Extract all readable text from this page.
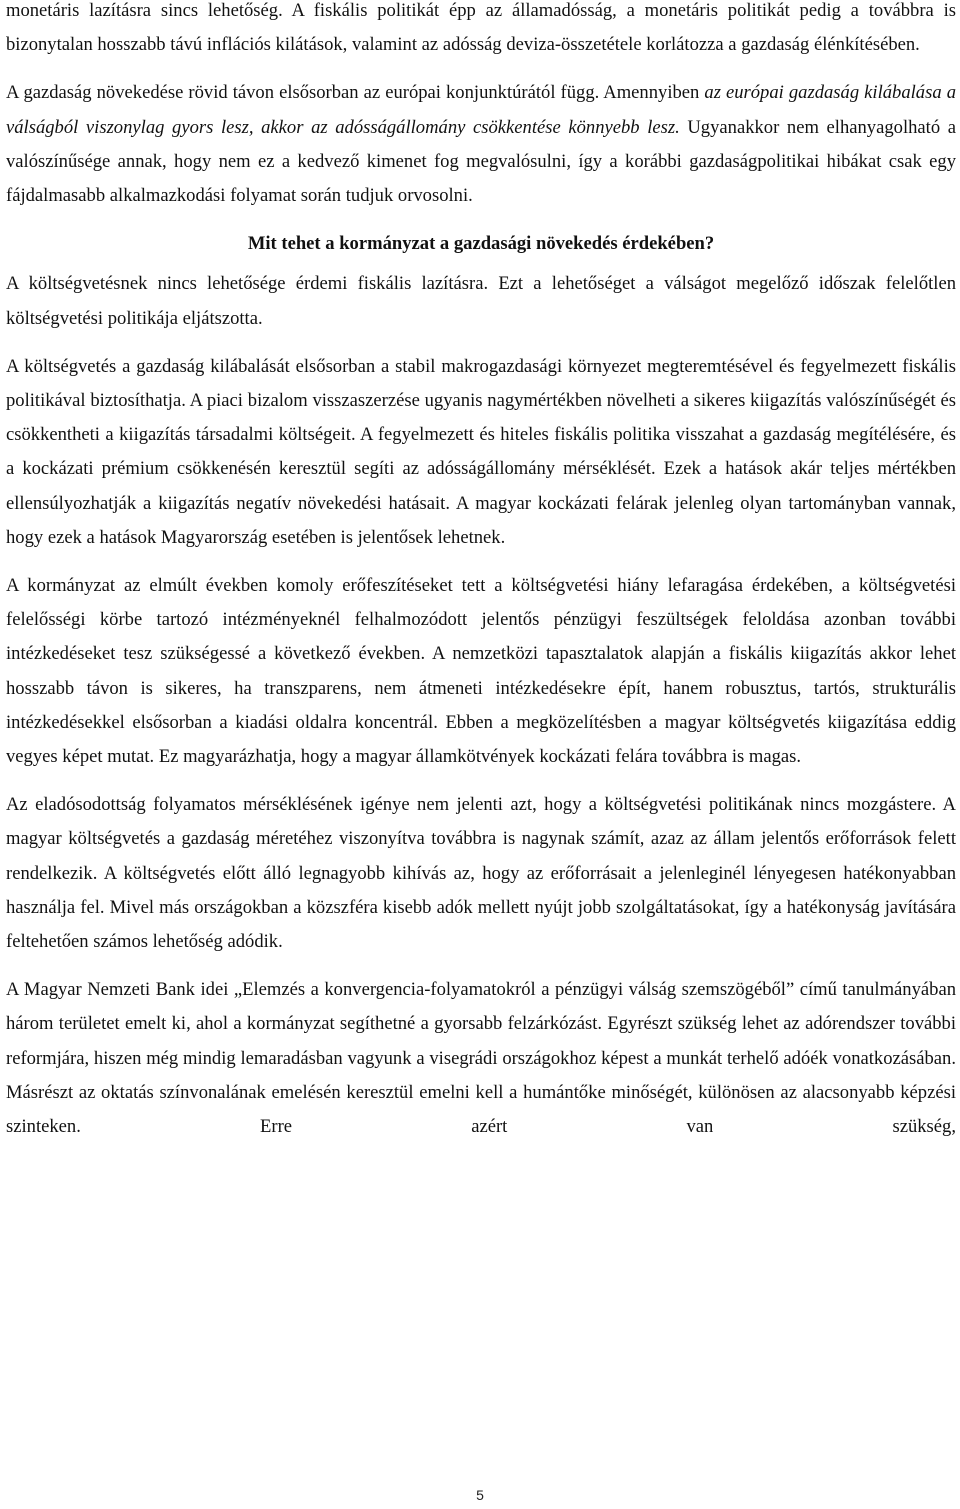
monetáris lazításra sincs lehetőség. A fiskális politikát épp az államadósság, a monetáris politikát pedig a továbbra is bizonytalan hosszabb távú inflációs kilátások, valamint az adósság deviza-összetétele korlátozza a gazdaság élénkítésében.

A gazdaság növekedése rövid távon elsősorban az európai konjunktúrától függ. Amennyiben az európai gazdaság kilábalása a válságból viszonylag gyors lesz, akkor az adósságállomány csökkentése könnyebb lesz. Ugyanakkor nem elhanyagolható a valószínűsége annak, hogy nem ez a kedvező kimenet fog megvalósulni, így a korábbi gazdaságpolitikai hibákat csak egy fájdalmasabb alkalmazkodási folyamat során tudjuk orvosolni.

Mit tehet a kormányzat a gazdasági növekedés érdekében?

A költségvetésnek nincs lehetősége érdemi fiskális lazításra. Ezt a lehetőséget a válságot megelőző időszak felelőtlen költségvetési politikája eljátszotta.

A költségvetés a gazdaság kilábalását elsősorban a stabil makrogazdasági környezet megteremtésével és fegyelmezett fiskális politikával biztosíthatja. A piaci bizalom visszaszerzése ugyanis nagymértékben növelheti a sikeres kiigazítás valószínűségét és csökkentheti a kiigazítás társadalmi költségeit. A fegyelmezett és hiteles fiskális politika visszahat a gazdaság megítélésére, és a kockázati prémium csökkenésén keresztül segíti az adósságállomány mérséklését. Ezek a hatások akár teljes mértékben ellensúlyozhatják a kiigazítás negatív növekedési hatásait. A magyar kockázati felárak jelenleg olyan tartományban vannak, hogy ezek a hatások Magyarország esetében is jelentősek lehetnek.

A kormányzat az elmúlt években komoly erőfeszítéseket tett a költségvetési hiány lefaragása érdekében, a költségvetési felelősségi körbe tartozó intézményeknél felhalmozódott jelentős pénzügyi feszültségek feloldása azonban további intézkedéseket tesz szükségessé a következő években. A nemzetközi tapasztalatok alapján a fiskális kiigazítás akkor lehet hosszabb távon is sikeres, ha transzparens, nem átmeneti intézkedésekre épít, hanem robusztus, tartós, strukturális intézkedésekkel elsősorban a kiadási oldalra koncentrál. Ebben a megközelítésben a magyar költségvetés kiigazítása eddig vegyes képet mutat. Ez magyarázhatja, hogy a magyar államkötvények kockázati felára továbbra is magas.

Az eladósodottság folyamatos mérséklésének igénye nem jelenti azt, hogy a költségvetési politikának nincs mozgástere. A magyar költségvetés a gazdaság méretéhez viszonyítva továbbra is nagynak számít, azaz az állam jelentős erőforrások felett rendelkezik. A költségvetés előtt álló legnagyobb kihívás az, hogy az erőforrásait a jelenleginél lényegesen hatékonyabban használja fel. Mivel más országokban a közszféra kisebb adók mellett nyújt jobb szolgáltatásokat, így a hatékonyság javítására feltehetően számos lehetőség adódik.

A Magyar Nemzeti Bank idei „Elemzés a konvergencia-folyamatokról a pénzügyi válság szemszögéből” című tanulmányában három területet emelt ki, ahol a kormányzat segíthetné a gyorsabb felzárkózást. Egyrészt szükség lehet az adórendszer további reformjára, hiszen még mindig lemaradásban vagyunk a visegrádi országokhoz képest a munkát terhelő adóék vonatkozásában. Másrészt az oktatás színvonalának emelésén keresztül emelni kell a humántőke minőségét, különösen az alacsonyabb képzési szinteken. Erre azért van szükség,

5
